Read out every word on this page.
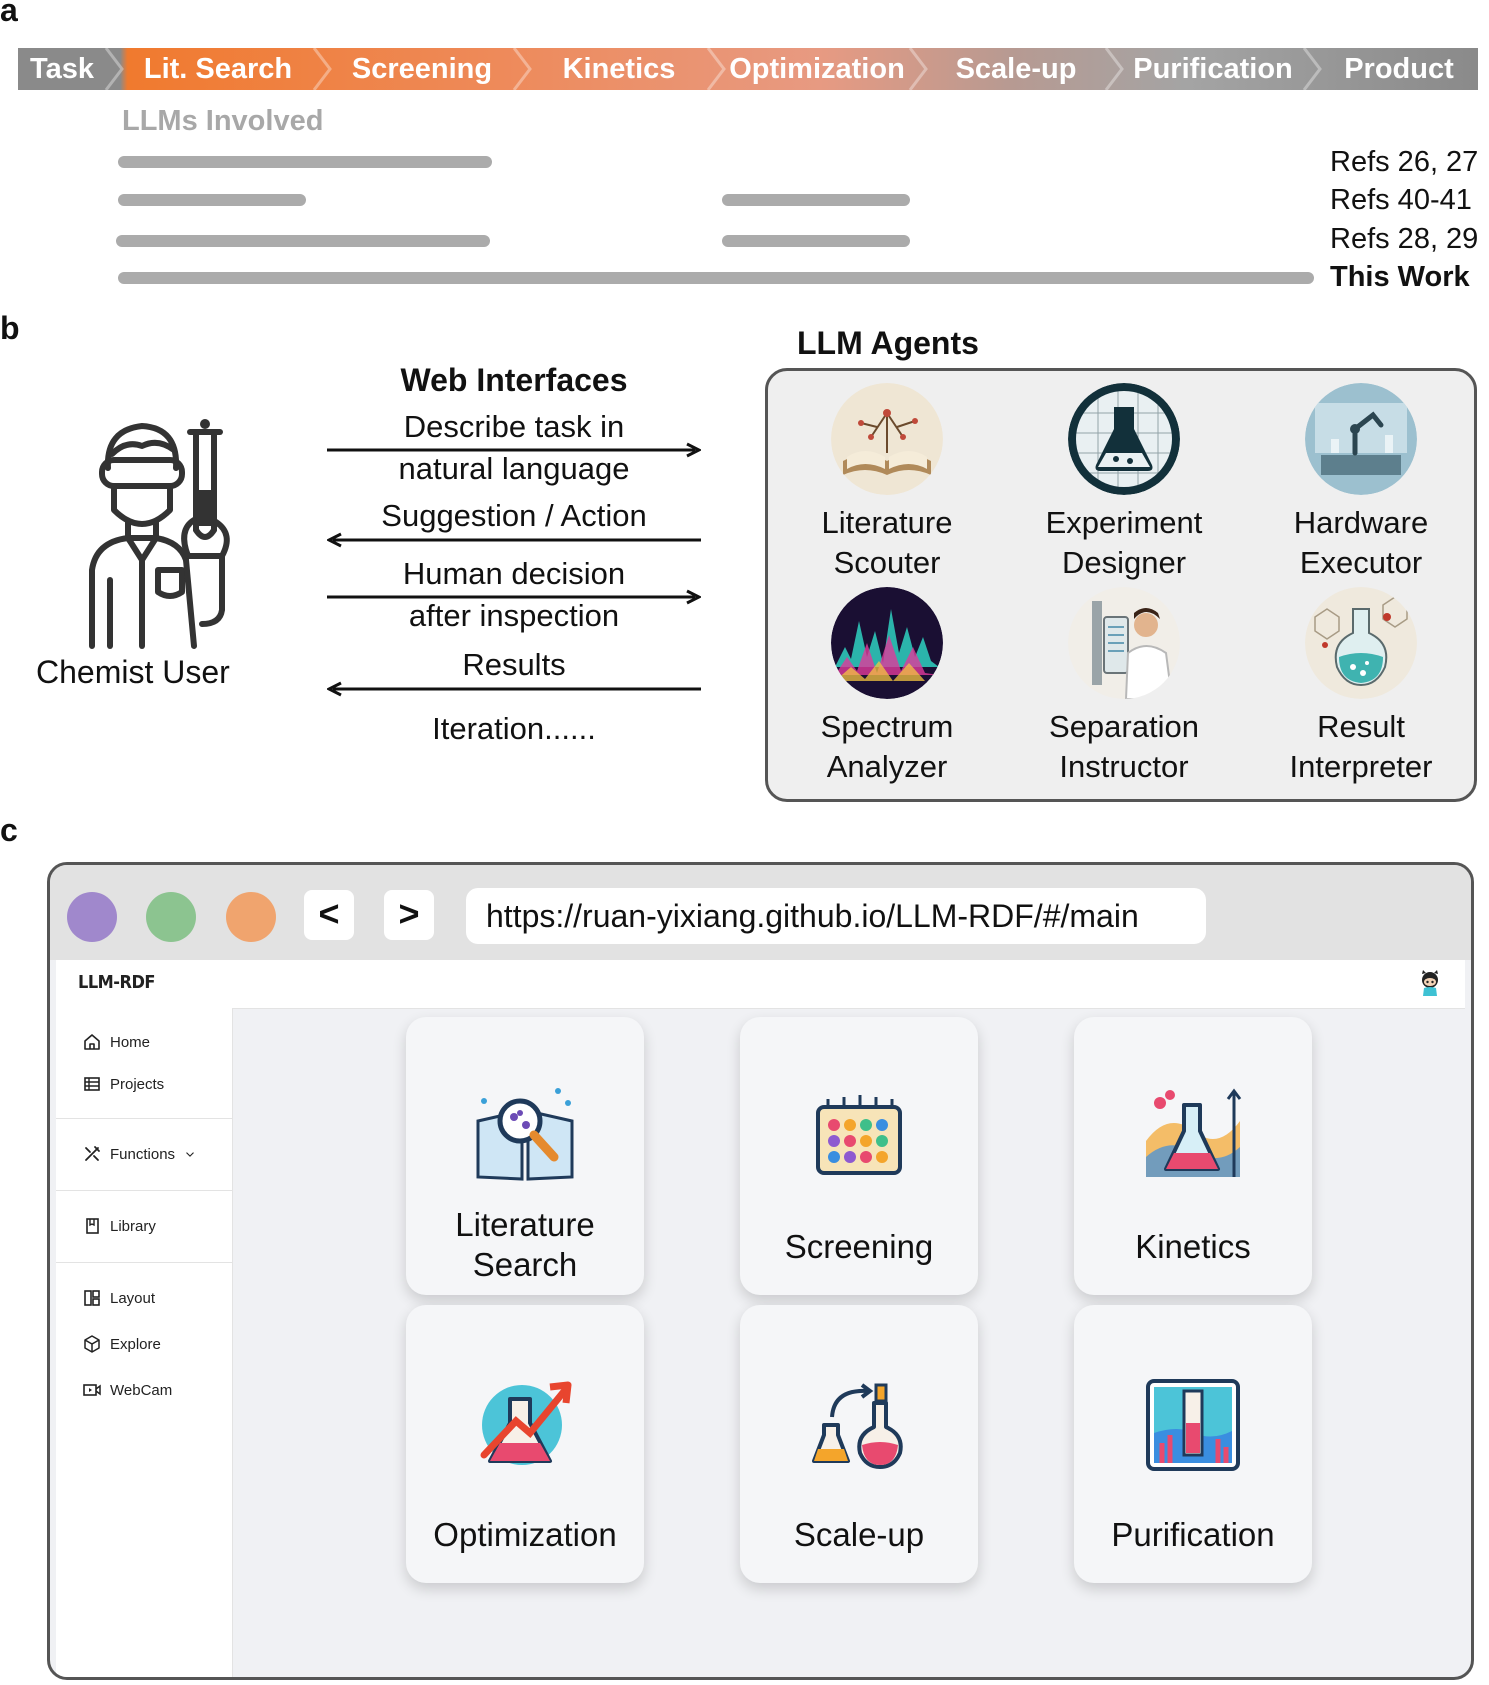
a
Task	Lit. Search	Screening	Kinetics	Optimization	Scale-up	Purification	Product
LLMs Involved
Refs 26, 27
Refs 40-41
Refs 28, 29
This Work
b
Chemist User
Web Interfaces
Describe task in
natural language
Suggestion / Action
Human decision
after inspection
Results
Iteration......
LLM Agents
Literature
Scouter
Experiment
Designer
Hardware
Executor
Spectrum
Analyzer
Separation
Instructor
Result
Interpreter
c
<	>	https://ruan-yixiang.github.io/LLM-RDF/#/main
LLM-RDF
Home
Projects
Functions
Library
Layout
Explore
WebCam
Literature
Search	Screening	Kinetics
Optimization	Scale-up	Purification
